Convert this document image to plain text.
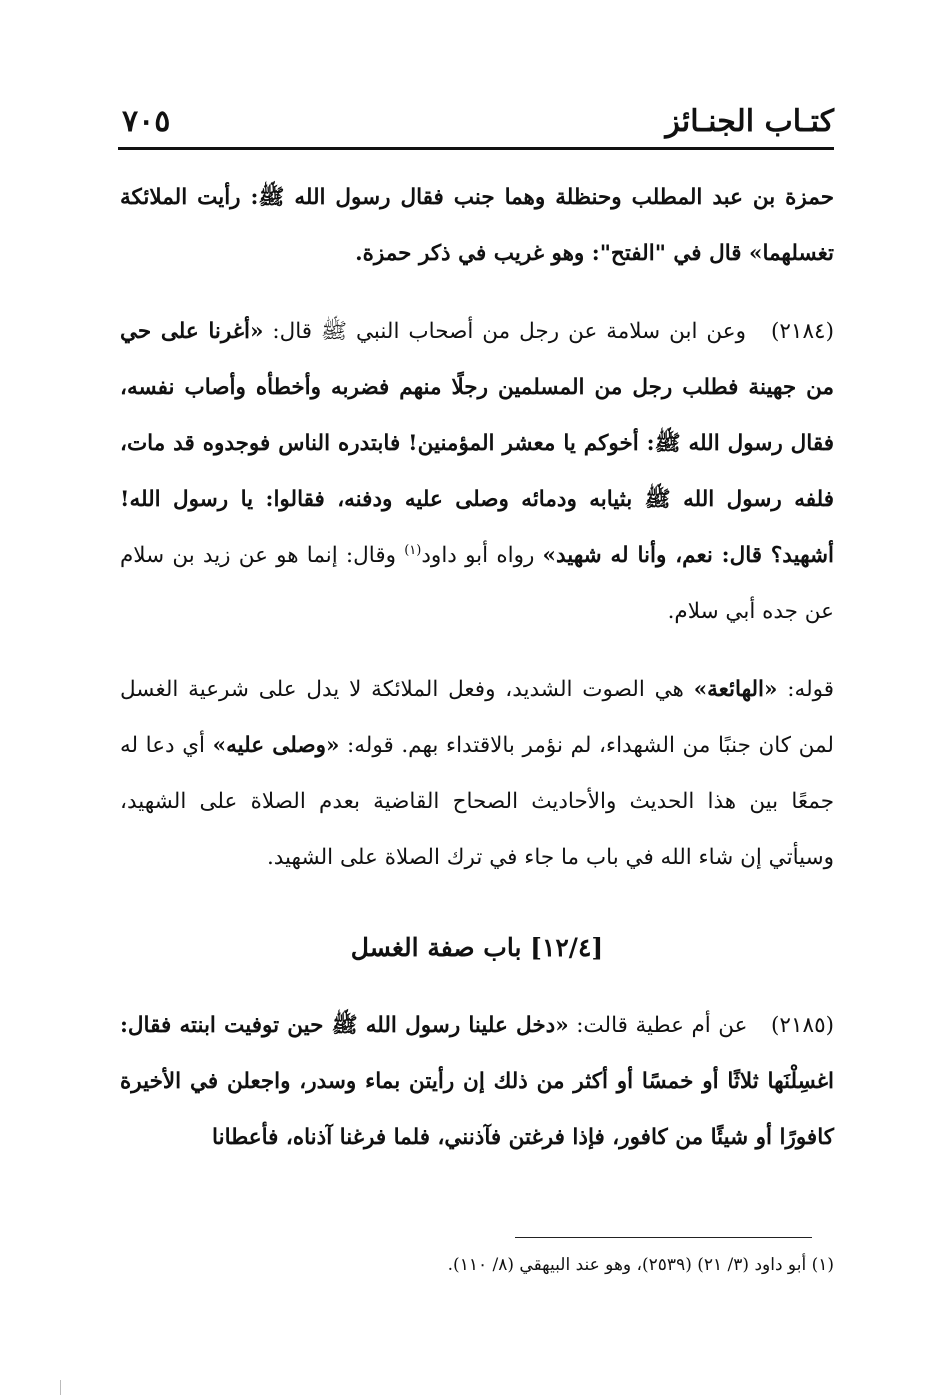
كتـاب الجنـائز
٧٠٥

حمزة بن عبد المطلب وحنظلة وهما جنب فقال رسول الله ﷺ: رأيت الملائكة تغسلهما» قال في "الفتح": وهو غريب في ذكر حمزة.

(٢١٨٤) وعن ابن سلامة عن رجل من أصحاب النبي ﷺ قال: «أغرنا على حي من جهينة فطلب رجل من المسلمين رجلًا منهم فضربه وأخطأه وأصاب نفسه، فقال رسول الله ﷺ: أخوكم يا معشر المؤمنين! فابتدره الناس فوجدوه قد مات، فلفه رسول الله ﷺ بثيابه ودمائه وصلى عليه ودفنه، فقالوا: يا رسول الله! أشهيد؟ قال: نعم، وأنا له شهيد» رواه أبو داود$^{(١)}$ وقال: إنما هو عن زيد بن سلام عن جده أبي سلام.

قوله: «الهائعة» هي الصوت الشديد، وفعل الملائكة لا يدل على شرعية الغسل لمن كان جنبًا من الشهداء، لم نؤمر بالاقتداء بهم. قوله: «وصلى عليه» أي دعا له جمعًا بين هذا الحديث والأحاديث الصحاح القاضية بعدم الصلاة على الشهيد، وسيأتي إن شاء الله في باب ما جاء في ترك الصلاة على الشهيد.

[١٢/٤] باب صفة الغسل

(٢١٨٥) عن أم عطية قالت: «دخل علينا رسول الله ﷺ حين توفيت ابنته فقال: اغسِلْنَها ثلاثًا أو خمسًا أو أكثر من ذلك إن رأيتن بماء وسدر، واجعلن في الأخيرة كافورًا أو شيئًا من كافور، فإذا فرغتن فآذنني، فلما فرغنا آذناه، فأعطانا

(١) أبو داود (٣/ ٢١) (٢٥٣٩)، وهو عند البيهقي (٨/ ١١٠).
